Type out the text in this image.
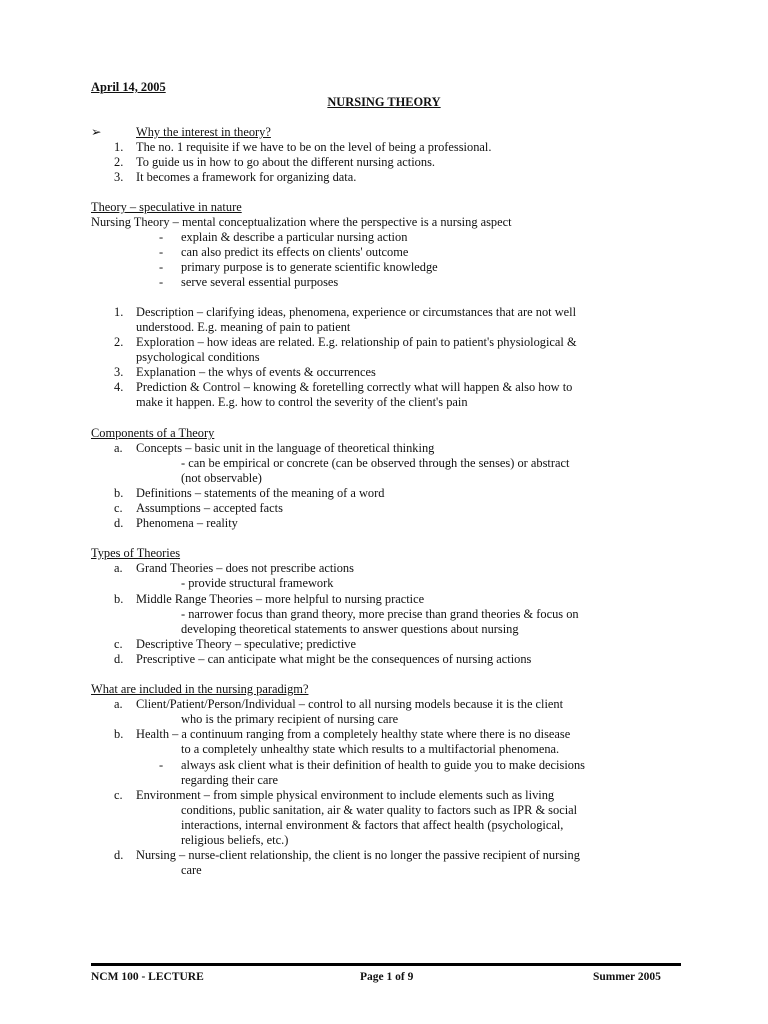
April 14, 2005
NURSING THEORY
➢	Why the interest in theory?
1. The no. 1 requisite if we have to be on the level of being a professional.
2. To guide us in how to go about the different nursing actions.
3. It becomes a framework for organizing data.
Theory – speculative in nature
Nursing Theory – mental conceptualization where the perspective is a nursing aspect
- explain & describe a particular nursing action
- can also predict its effects on clients' outcome
- primary purpose is to generate scientific knowledge
- serve several essential purposes
1. Description – clarifying ideas, phenomena, experience or circumstances that are not well
understood. E.g. meaning of pain to patient
2. Exploration – how ideas are related. E.g. relationship of pain to patient's physiological &
psychological conditions
3. Explanation – the whys of events & occurrences
4. Prediction & Control – knowing & foretelling correctly what will happen & also how to
make it happen. E.g. how to control the severity of the client's pain
Components of a Theory
a. Concepts – basic unit in the language of theoretical thinking
- can be empirical or concrete (can be observed through the senses) or abstract
(not observable)
b. Definitions – statements of the meaning of a word
c. Assumptions – accepted facts
d. Phenomena – reality
Types of Theories
a. Grand Theories – does not prescribe actions
- provide structural framework
b. Middle Range Theories – more helpful to nursing practice
- narrower focus than grand theory, more precise than grand theories & focus on
developing theoretical statements to answer questions about nursing
c. Descriptive Theory – speculative; predictive
d. Prescriptive – can anticipate what might be the consequences of nursing actions
What are included in the nursing paradigm?
a. Client/Patient/Person/Individual – control to all nursing models because it is the client
who is the primary recipient of nursing care
b. Health – a continuum ranging from a completely healthy state where there is no disease
to a completely unhealthy state which results to a multifactorial phenomena.
- always ask client what is their definition of health to guide you to make decisions
regarding their care
c. Environment – from simple physical environment to include elements such as living
conditions, public sanitation, air & water quality to factors such as IPR & social
interactions, internal environment & factors that affect health (psychological,
religious beliefs, etc.)
d. Nursing – nurse-client relationship, the client is no longer the passive recipient of nursing
care
NCM 100 - LECTURE	Page 1 of 9	Summer 2005
